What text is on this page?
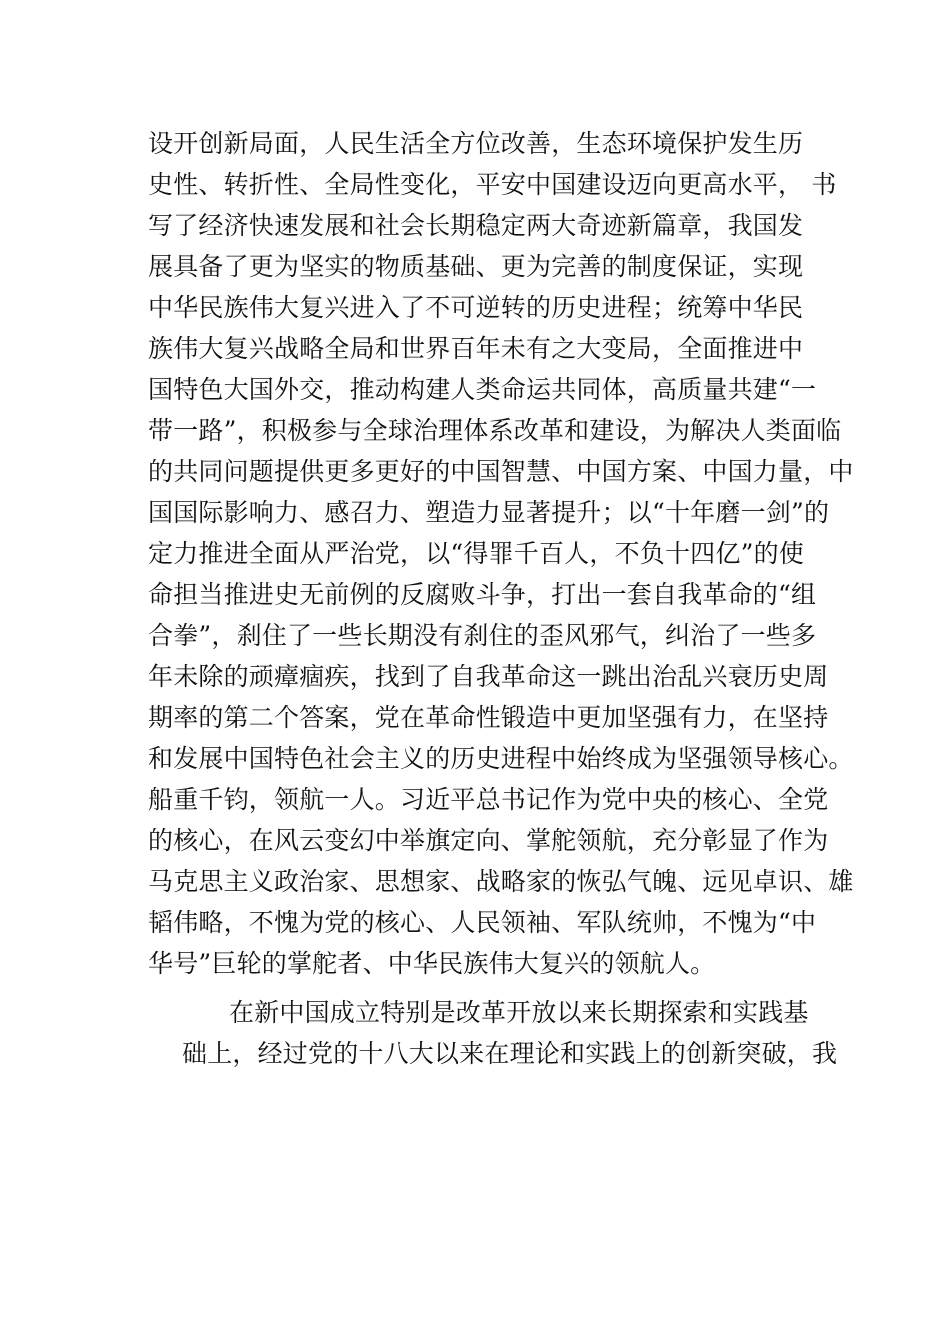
设开创新局面，人民生活全方位改善，生态环境保护发生历
史性、转折性、全局性变化，平安中国建设迈向更高水平， 书
写了经济快速发展和社会长期稳定两大奇迹新篇章，我国发
展具备了更为坚实的物质基础、更为完善的制度保证，实现
中华民族伟大复兴进入了不可逆转的历史进程；统筹中华民
族伟大复兴战略全局和世界百年未有之大变局，全面推进中
国特色大国外交，推动构建人类命运共同体，高质量共建“一
带一路”，积极参与全球治理体系改革和建设，为解决人类面临
的共同问题提供更多更好的中国智慧、中国方案、中国力量，中
国国际影响力、感召力、塑造力显著提升；以“十年磨一剑”的
定力推进全面从严治党，以“得罪千百人，不负十四亿”的使
命担当推进史无前例的反腐败斗争，打出一套自我革命的“组
合拳”，刹住了一些长期没有刹住的歪风邪气，纠治了一些多
年未除的顽瘴痼疾，找到了自我革命这一跳出治乱兴衰历史周
期率的第二个答案，党在革命性锻造中更加坚强有力，在坚持
和发展中国特色社会主义的历史进程中始终成为坚强领导核心。
船重千钧，领航一人。习近平总书记作为党中央的核心、全党
的核心，在风云变幻中举旗定向、掌舵领航，充分彰显了作为
马克思主义政治家、思想家、战略家的恢弘气魄、远见卓识、雄
韬伟略，不愧为党的核心、人民领袖、军队统帅，不愧为“中
华号”巨轮的掌舵者、中华民族伟大复兴的领航人。
在新中国成立特别是改革开放以来长期探索和实践基
础上，经过党的十八大以来在理论和实践上的创新突破，我
